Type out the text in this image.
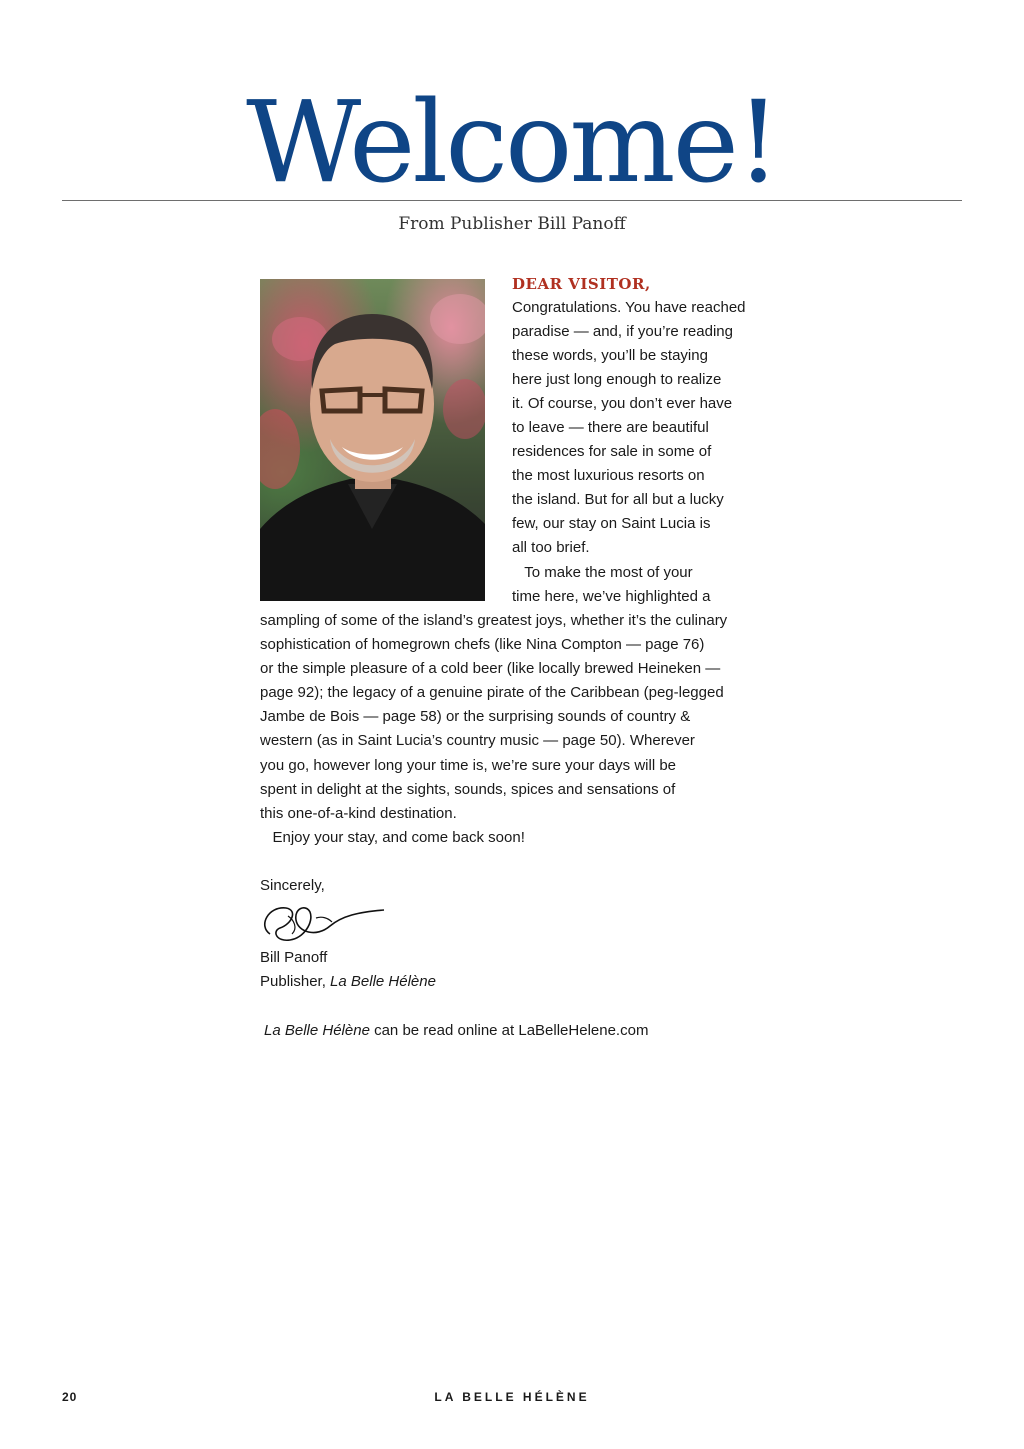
Welcome!
From Publisher Bill Panoff
DEAR VISITOR,
Congratulations. You have reached
paradise — and, if you’re reading
these words, you’ll be staying
here just long enough to realize
it. Of course, you don’t ever have
to leave — there are beautiful
residences for sale in some of
the most luxurious resorts on
the island. But for all but a lucky
few, our stay on Saint Lucia is
all too brief.
To make the most of your
time here, we’ve highlighted a
sampling of some of the island’s greatest joys, whether it’s the culinary
sophistication of homegrown chefs (like Nina Compton — page 76)
or the simple pleasure of a cold beer (like locally brewed Heineken —
page 92); the legacy of a genuine pirate of the Caribbean (peg-legged
Jambe de Bois — page 58) or the surprising sounds of country &
western (as in Saint Lucia’s country music — page 50). Wherever
you go, however long your time is, we’re sure your days will be
spent in delight at the sights, sounds, spices and sensations of
this one-of-a-kind destination.
Enjoy your stay, and come back soon!
Sincerely,
Bill Panoff
Publisher, La Belle Hélène
La Belle Hélène can be read online at LaBelleHelene.com
20	LA BELLE HÉLÈNE
